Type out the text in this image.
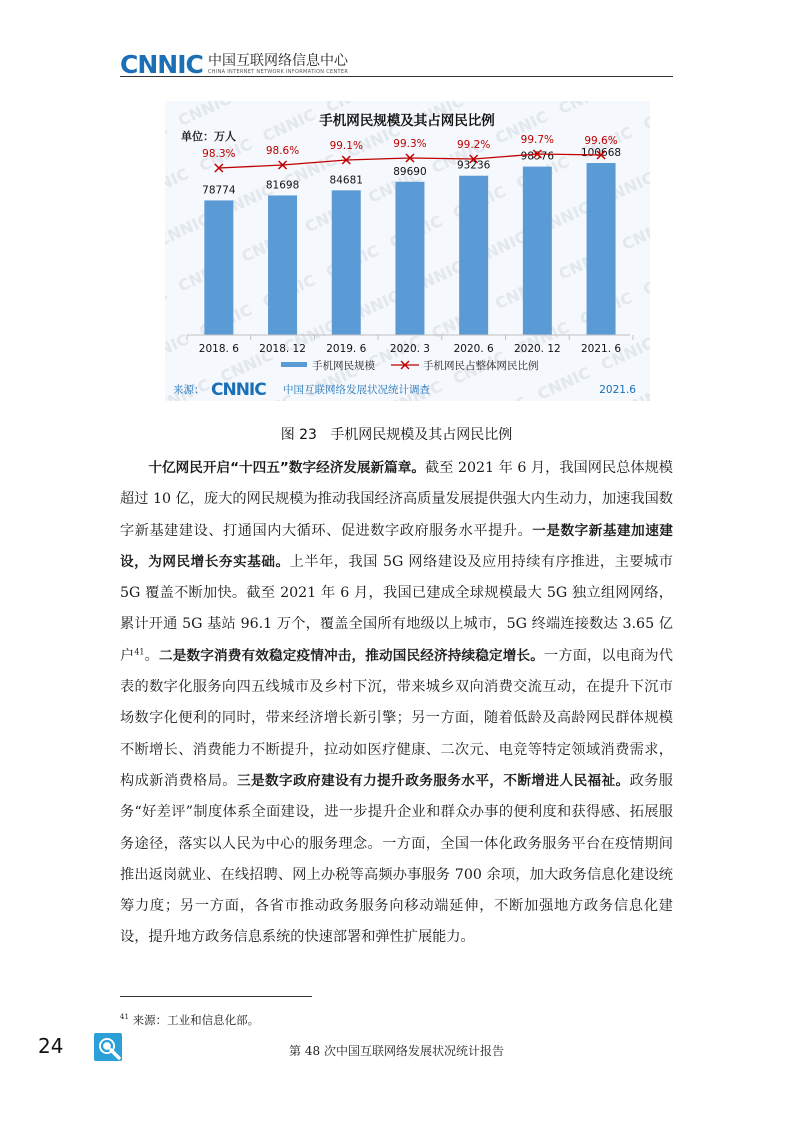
CNNIC 中国互联网络信息中心
CHINA INTERNET NETWORK INFORMATION CENTER
手机网民规模及其占网民比例
单位：万人
78774	81698	84681
89690
93236
98576	100668
98.3%	98.6%	99.1%	99.3%	99.2%	99.7%	99.6%
2018. 6 2018. 12 2019. 6 2020. 3 2020. 6 2020. 12 2021. 6
手机网民规模	手机网民占整体网民比例
来源： CNNIC 中国互联网络发展状况统计调查	2021.6
图 23 手机网民规模及其占网民比例

十亿网民开启“十四五”数字经济发展新篇章。截至 2021 年 6 月，我国网民总体规模超过 10 亿，庞大的网民规模为推动我国经济高质量发展提供强大内生动力，加速我国数字新基建建设、打通国内大循环、促进数字政府服务水平提升。一是数字新基建加速建设，为网民增长夯实基础。上半年，我国 5G 网络建设及应用持续有序推进，主要城市 5G 覆盖不断加快。截至 2021 年 6 月，我国已建成全球规模最大 5G 独立组网网络，累计开通 5G 基站 96.1 万个，覆盖全国所有地级以上城市，5G 终端连接数达 3.65 亿户$^{41}$。二是数字消费有效稳定疫情冲击，推动国民经济持续稳定增长。一方面，以电商为代表的数字化服务向四五线城市及乡村下沉，带来城乡双向消费交流互动，在提升下沉市场数字化便利的同时，带来经济增长新引擎；另一方面，随着低龄及高龄网民群体规模不断增长、消费能力不断提升，拉动如医疗健康、二次元、电竞等特定领域消费需求，构成新消费格局。三是数字政府建设有力提升政务服务水平，不断增进人民福祉。政务服务“好差评”制度体系全面建设，进一步提升企业和群众办事的便利度和获得感、拓展服务途径，落实以人民为中心的服务理念。一方面，全国一体化政务服务平台在疫情期间推出返岗就业、在线招聘、网上办税等高频办事服务 700 余项，加大政务信息化建设统筹力度；另一方面，各省市推动政务服务向移动端延伸，不断加强地方政务信息化建设，提升地方政务信息系统的快速部署和弹性扩展能力。

$^{41}$ 来源：工业和信息化部。
24	第 48 次中国互联网络发展状况统计报告
